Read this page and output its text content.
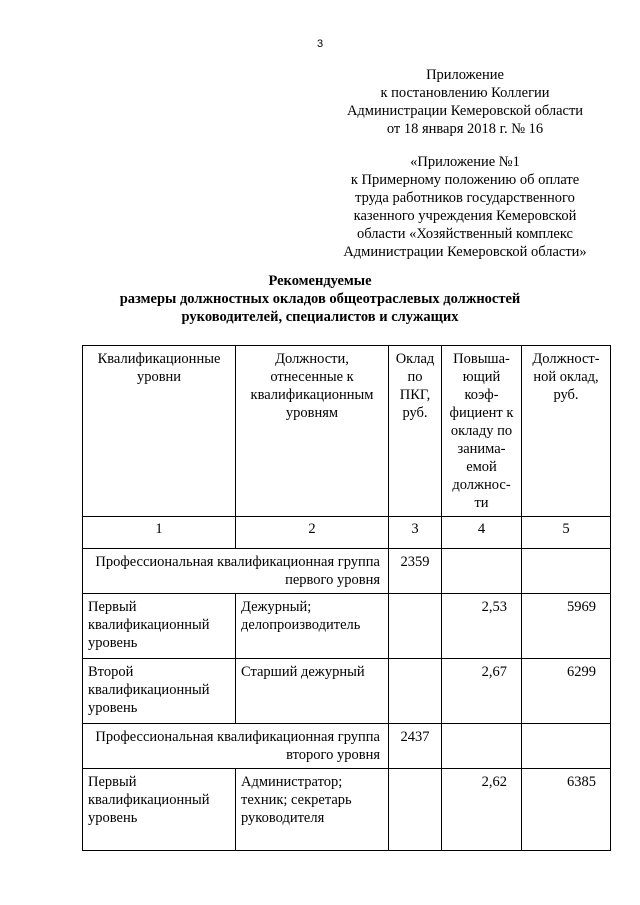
3
Приложение
к постановлению Коллегии
Администрации Кемеровской области
от 18 января 2018 г. № 16
«Приложение №1
к Примерному положению об оплате
труда работников государственного
казенного учреждения Кемеровской
области «Хозяйственный комплекс
Администрации Кемеровской области»
Рекомендуемые
размеры должностных окладов общеотраслевых должностей
руководителей, специалистов и служащих
Квалификационные уровни	Должности, отнесенные к квалификационным уровням	Оклад по ПКГ, руб.	Повыша-ющий коэф-фициент к окладу по занима-емой должнос-ти	Должност-ной оклад, руб.
1	2	3	4	5
Профессиональная квалификационная группа первого уровня		2359		
Первый квалификационный уровень	Дежурный; делопроизводитель		2,53	5969
Второй квалификационный уровень	Старший дежурный		2,67	6299
Профессиональная квалификационная группа второго уровня		2437		
Первый квалификационный уровень	Администратор; техник; секретарь руководителя		2,62	6385
